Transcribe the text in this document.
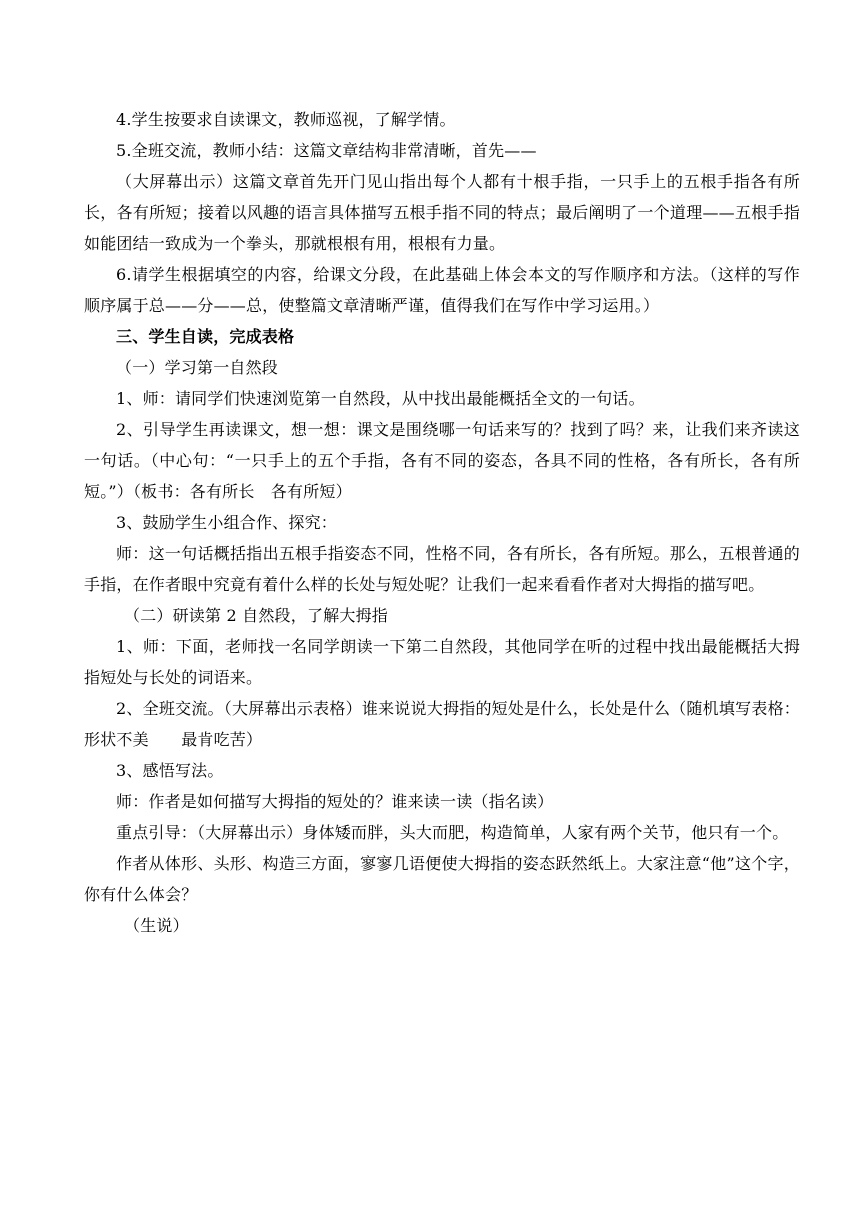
4.学生按要求自读课文，教师巡视，了解学情。

5.全班交流，教师小结：这篇文章结构非常清晰，首先——

（大屏幕出示）这篇文章首先开门见山指出每个人都有十根手指，一只手上的五根手指各有所长，各有所短；接着以风趣的语言具体描写五根手指不同的特点；最后阐明了一个道理——五根手指如能团结一致成为一个拳头，那就根根有用，根根有力量。

6.请学生根据填空的内容，给课文分段，在此基础上体会本文的写作顺序和方法。（这样的写作顺序属于总——分——总，使整篇文章清晰严谨，值得我们在写作中学习运用。）

三、学生自读，完成表格

（一）学习第一自然段

1、师：请同学们快速浏览第一自然段，从中找出最能概括全文的一句话。

2、引导学生再读课文，想一想：课文是围绕哪一句话来写的？找到了吗？来，让我们来齐读这一句话。（中心句：“一只手上的五个手指，各有不同的姿态，各具不同的性格，各有所长，各有所短。”）（板书：各有所长　各有所短）

3、鼓励学生小组合作、探究：

师：这一句话概括指出五根手指姿态不同，性格不同，各有所长，各有所短。那么，五根普通的手指，在作者眼中究竟有着什么样的长处与短处呢？让我们一起来看看作者对大拇指的描写吧。

（二）研读第 2 自然段，了解大拇指

1、师：下面，老师找一名同学朗读一下第二自然段，其他同学在听的过程中找出最能概括大拇指短处与长处的词语来。

2、全班交流。（大屏幕出示表格）谁来说说大拇指的短处是什么，长处是什么（随机填写表格：形状不美　　最肯吃苦）

3、感悟写法。

师：作者是如何描写大拇指的短处的？谁来读一读（指名读）

重点引导：（大屏幕出示）身体矮而胖，头大而肥，构造简单，人家有两个关节，他只有一个。

作者从体形、头形、构造三方面，寥寥几语便使大拇指的姿态跃然纸上。大家注意“他”这个字，你有什么体会？

（生说）
